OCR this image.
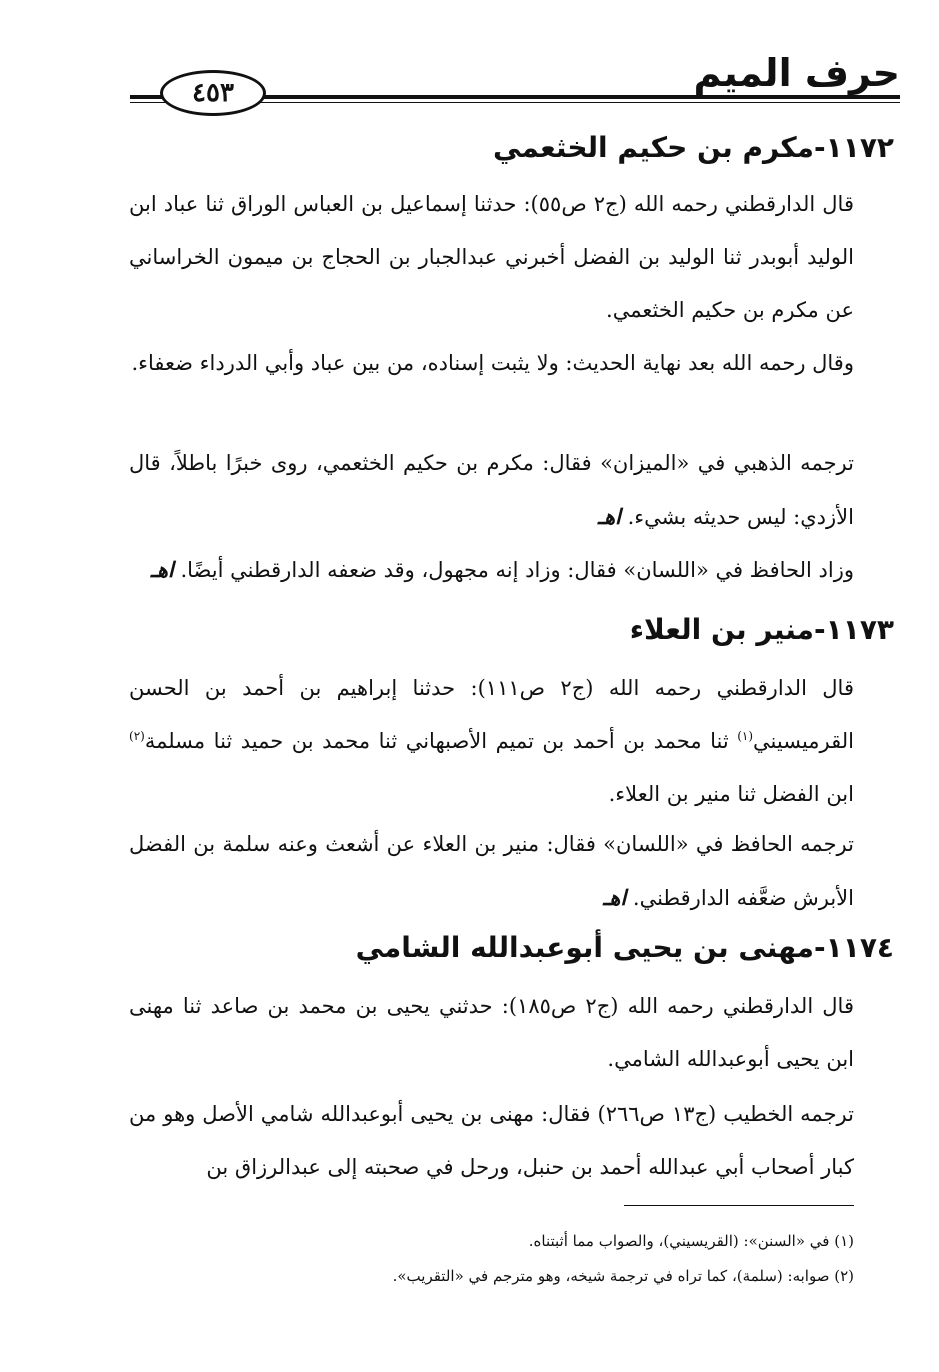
حرف الميم
٤٥٣
١١٧٢-مكرم بن حكيم الخثعمي

قال الدارقطني رحمه الله (ج٢ ص٥٥): حدثنا إسماعيل بن العباس الوراق ثنا عباد ابن الوليد أبوبدر ثنا الوليد بن الفضل أخبرني عبدالجبار بن الحجاج بن ميمون الخراساني عن مكرم بن حكيم الخثعمي.

وقال رحمه الله بعد نهاية الحديث: ولا يثبت إسناده، من بين عباد وأبي الدرداء ضعفاء.

ترجمه الذهبي في «الميزان» فقال: مكرم بن حكيم الخثعمي، روى خبرًا باطلاً، قال الأزدي: ليس حديثه بشيء. اهـ

وزاد الحافظ في «اللسان» فقال: وزاد إنه مجهول، وقد ضعفه الدارقطني أيضًا. اهـ

١١٧٣-منير بن العلاء

قال الدارقطني رحمه الله (ج٢ ص١١١): حدثنا إبراهيم بن أحمد بن الحسن القرميسيني$^{(١)}$ ثنا محمد بن أحمد بن تميم الأصبهاني ثنا محمد بن حميد ثنا مسلمة$^{(٢)}$ ابن الفضل ثنا منير بن العلاء.

ترجمه الحافظ في «اللسان» فقال: منير بن العلاء عن أشعث وعنه سلمة بن الفضل الأبرش ضعَّفه الدارقطني. اهـ

١١٧٤-مهنى بن يحيى أبوعبدالله الشامي

قال الدارقطني رحمه الله (ج٢ ص١٨٥): حدثني يحيى بن محمد بن صاعد ثنا مهنى ابن يحيى أبوعبدالله الشامي.

ترجمه الخطيب (ج١٣ ص٢٦٦) فقال: مهنى بن يحيى أبوعبدالله شامي الأصل وهو من كبار أصحاب أبي عبدالله أحمد بن حنبل، ورحل في صحبته إلى عبدالرزاق بن

(١) في «السنن»: (القريسيني)، والصواب مما أثبتناه.
(٢) صوابه: (سلمة)، كما تراه في ترجمة شيخه، وهو مترجم في «التقريب».
